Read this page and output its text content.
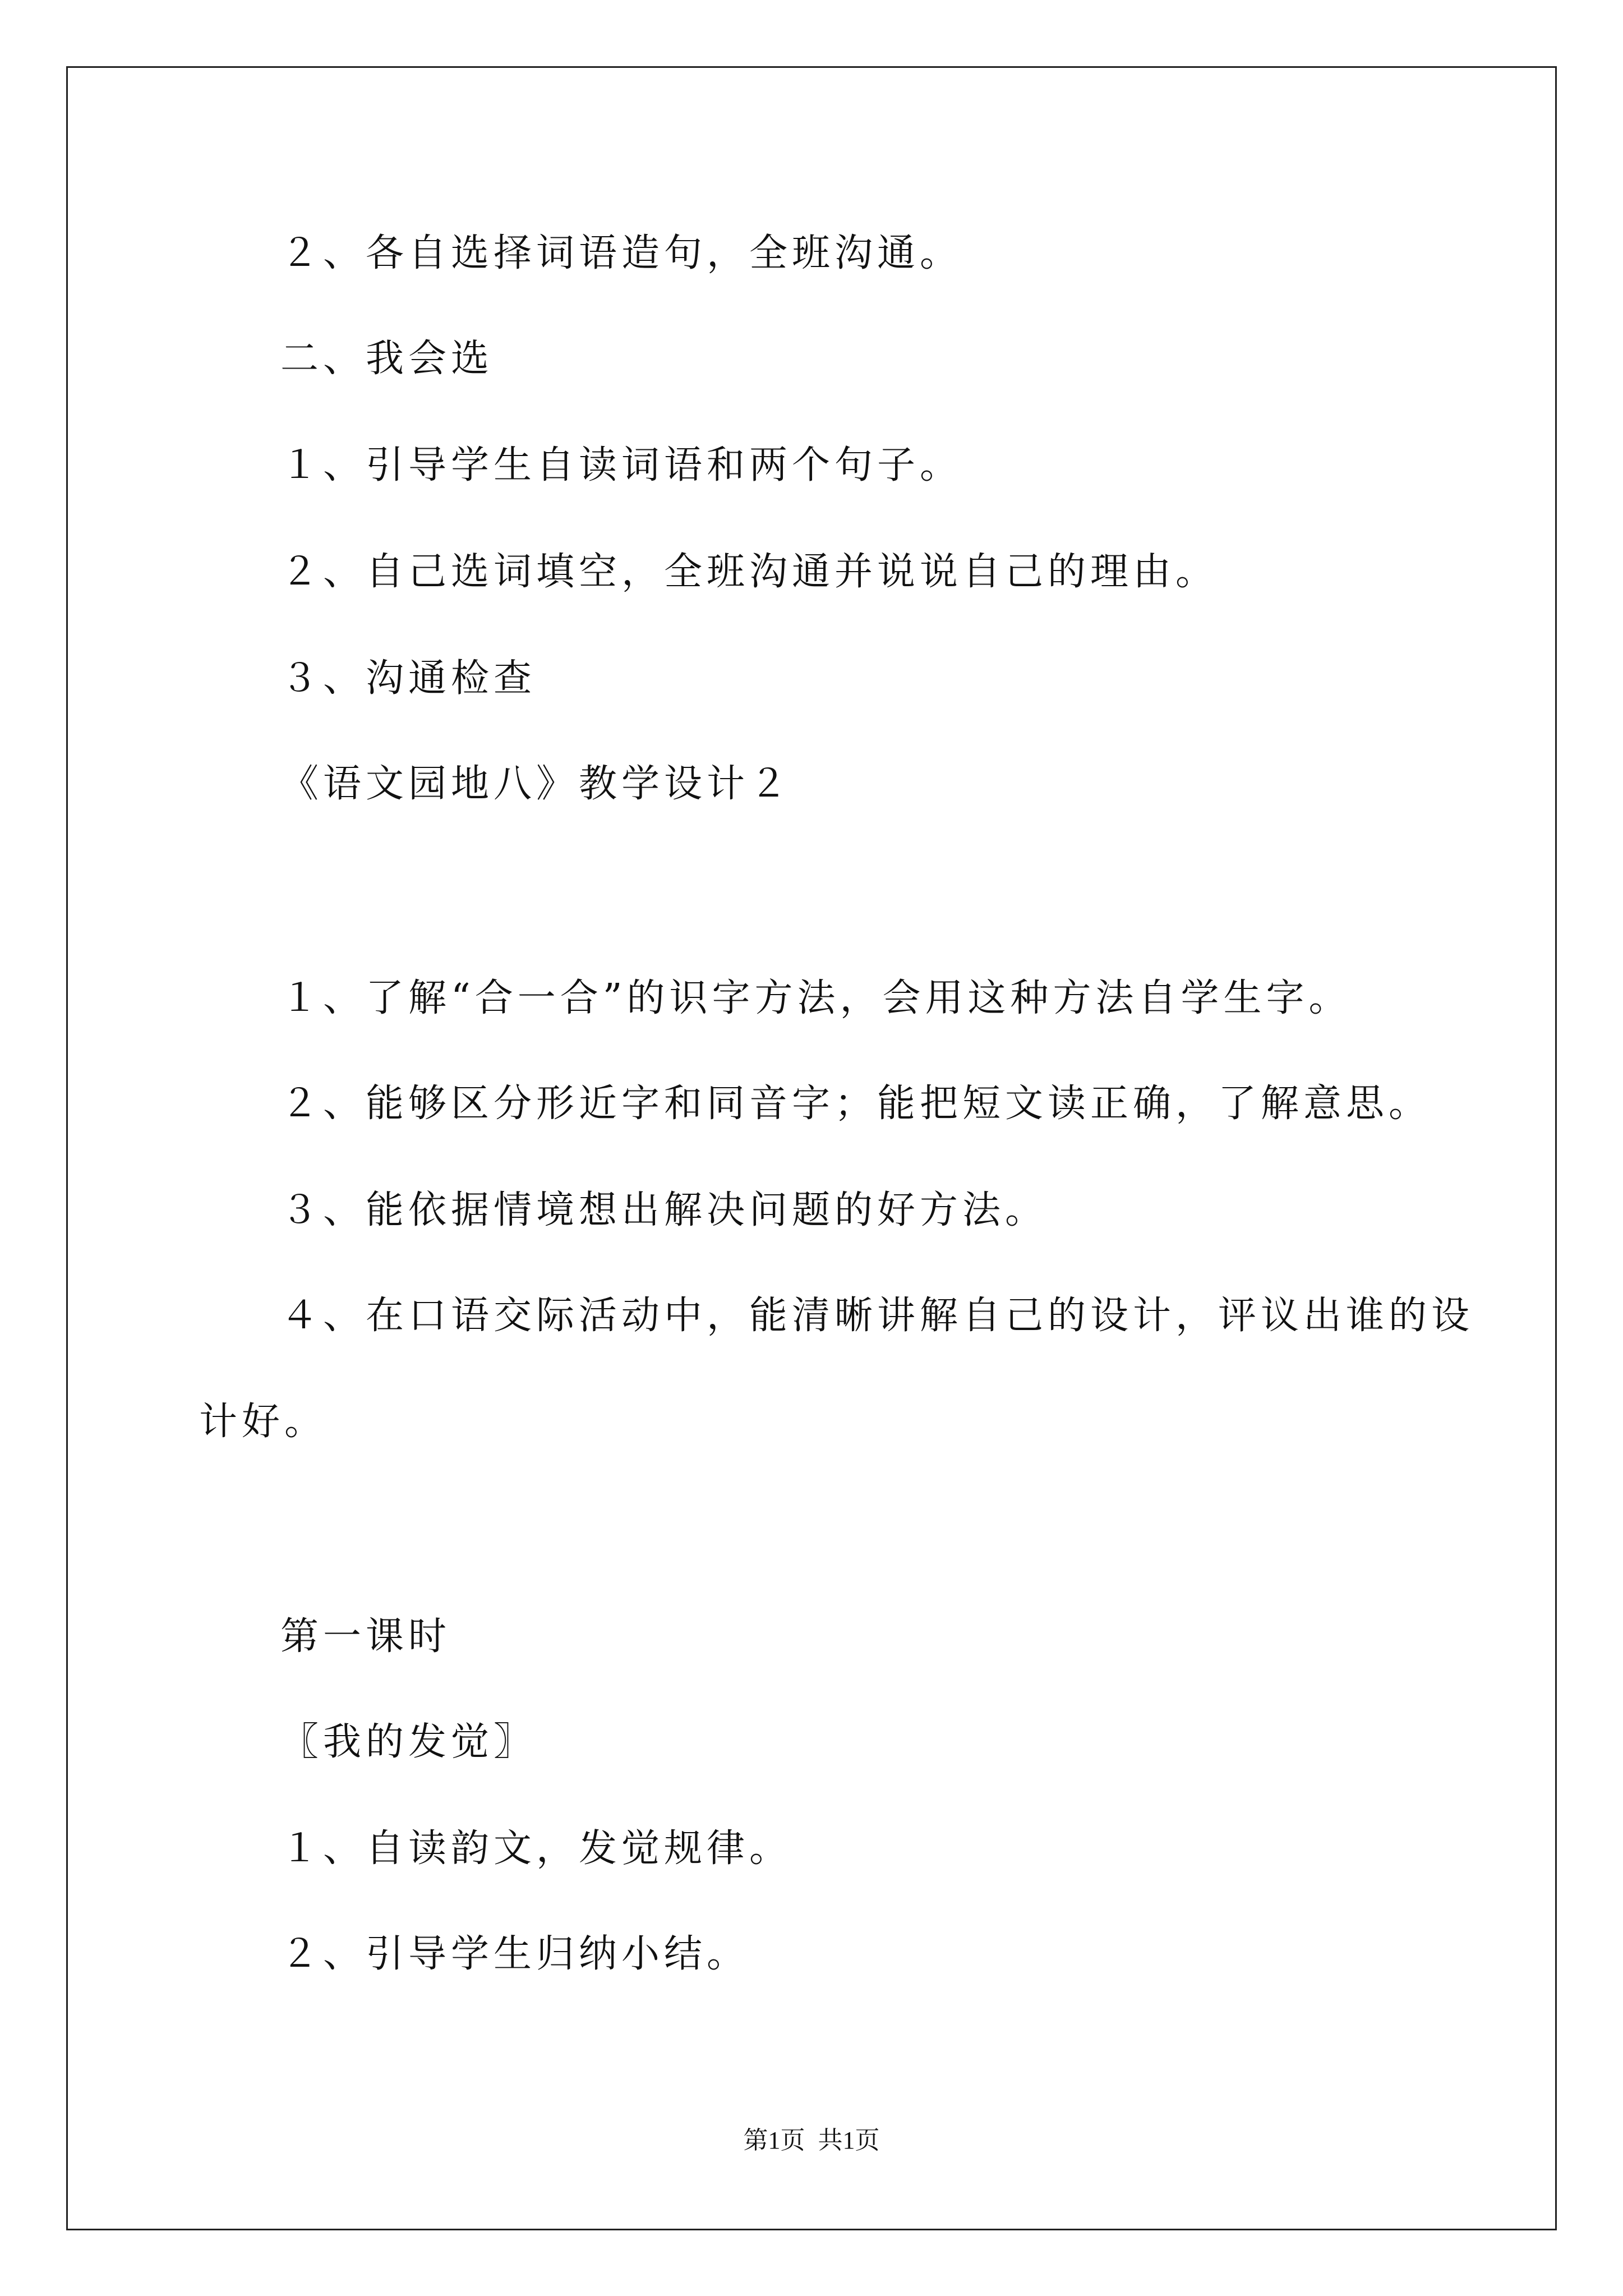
２、各自选择词语造句，全班沟通。
二、我会选
１、引导学生自读词语和两个句子。
２、自己选词填空，全班沟通并说说自己的理由。
３、沟通检查
《语文园地八》教学设计２
１、了解“合一合”的识字方法，会用这种方法自学生字。
２、能够区分形近字和同音字；能把短文读正确，了解意思。
３、能依据情境想出解决问题的好方法。
４、在口语交际活动中，能清晰讲解自己的设计，评议出谁的设
计好。
第一课时
〖我的发觉〗
１、自读韵文，发觉规律。
２、引导学生归纳小结。
第1页 共1页
